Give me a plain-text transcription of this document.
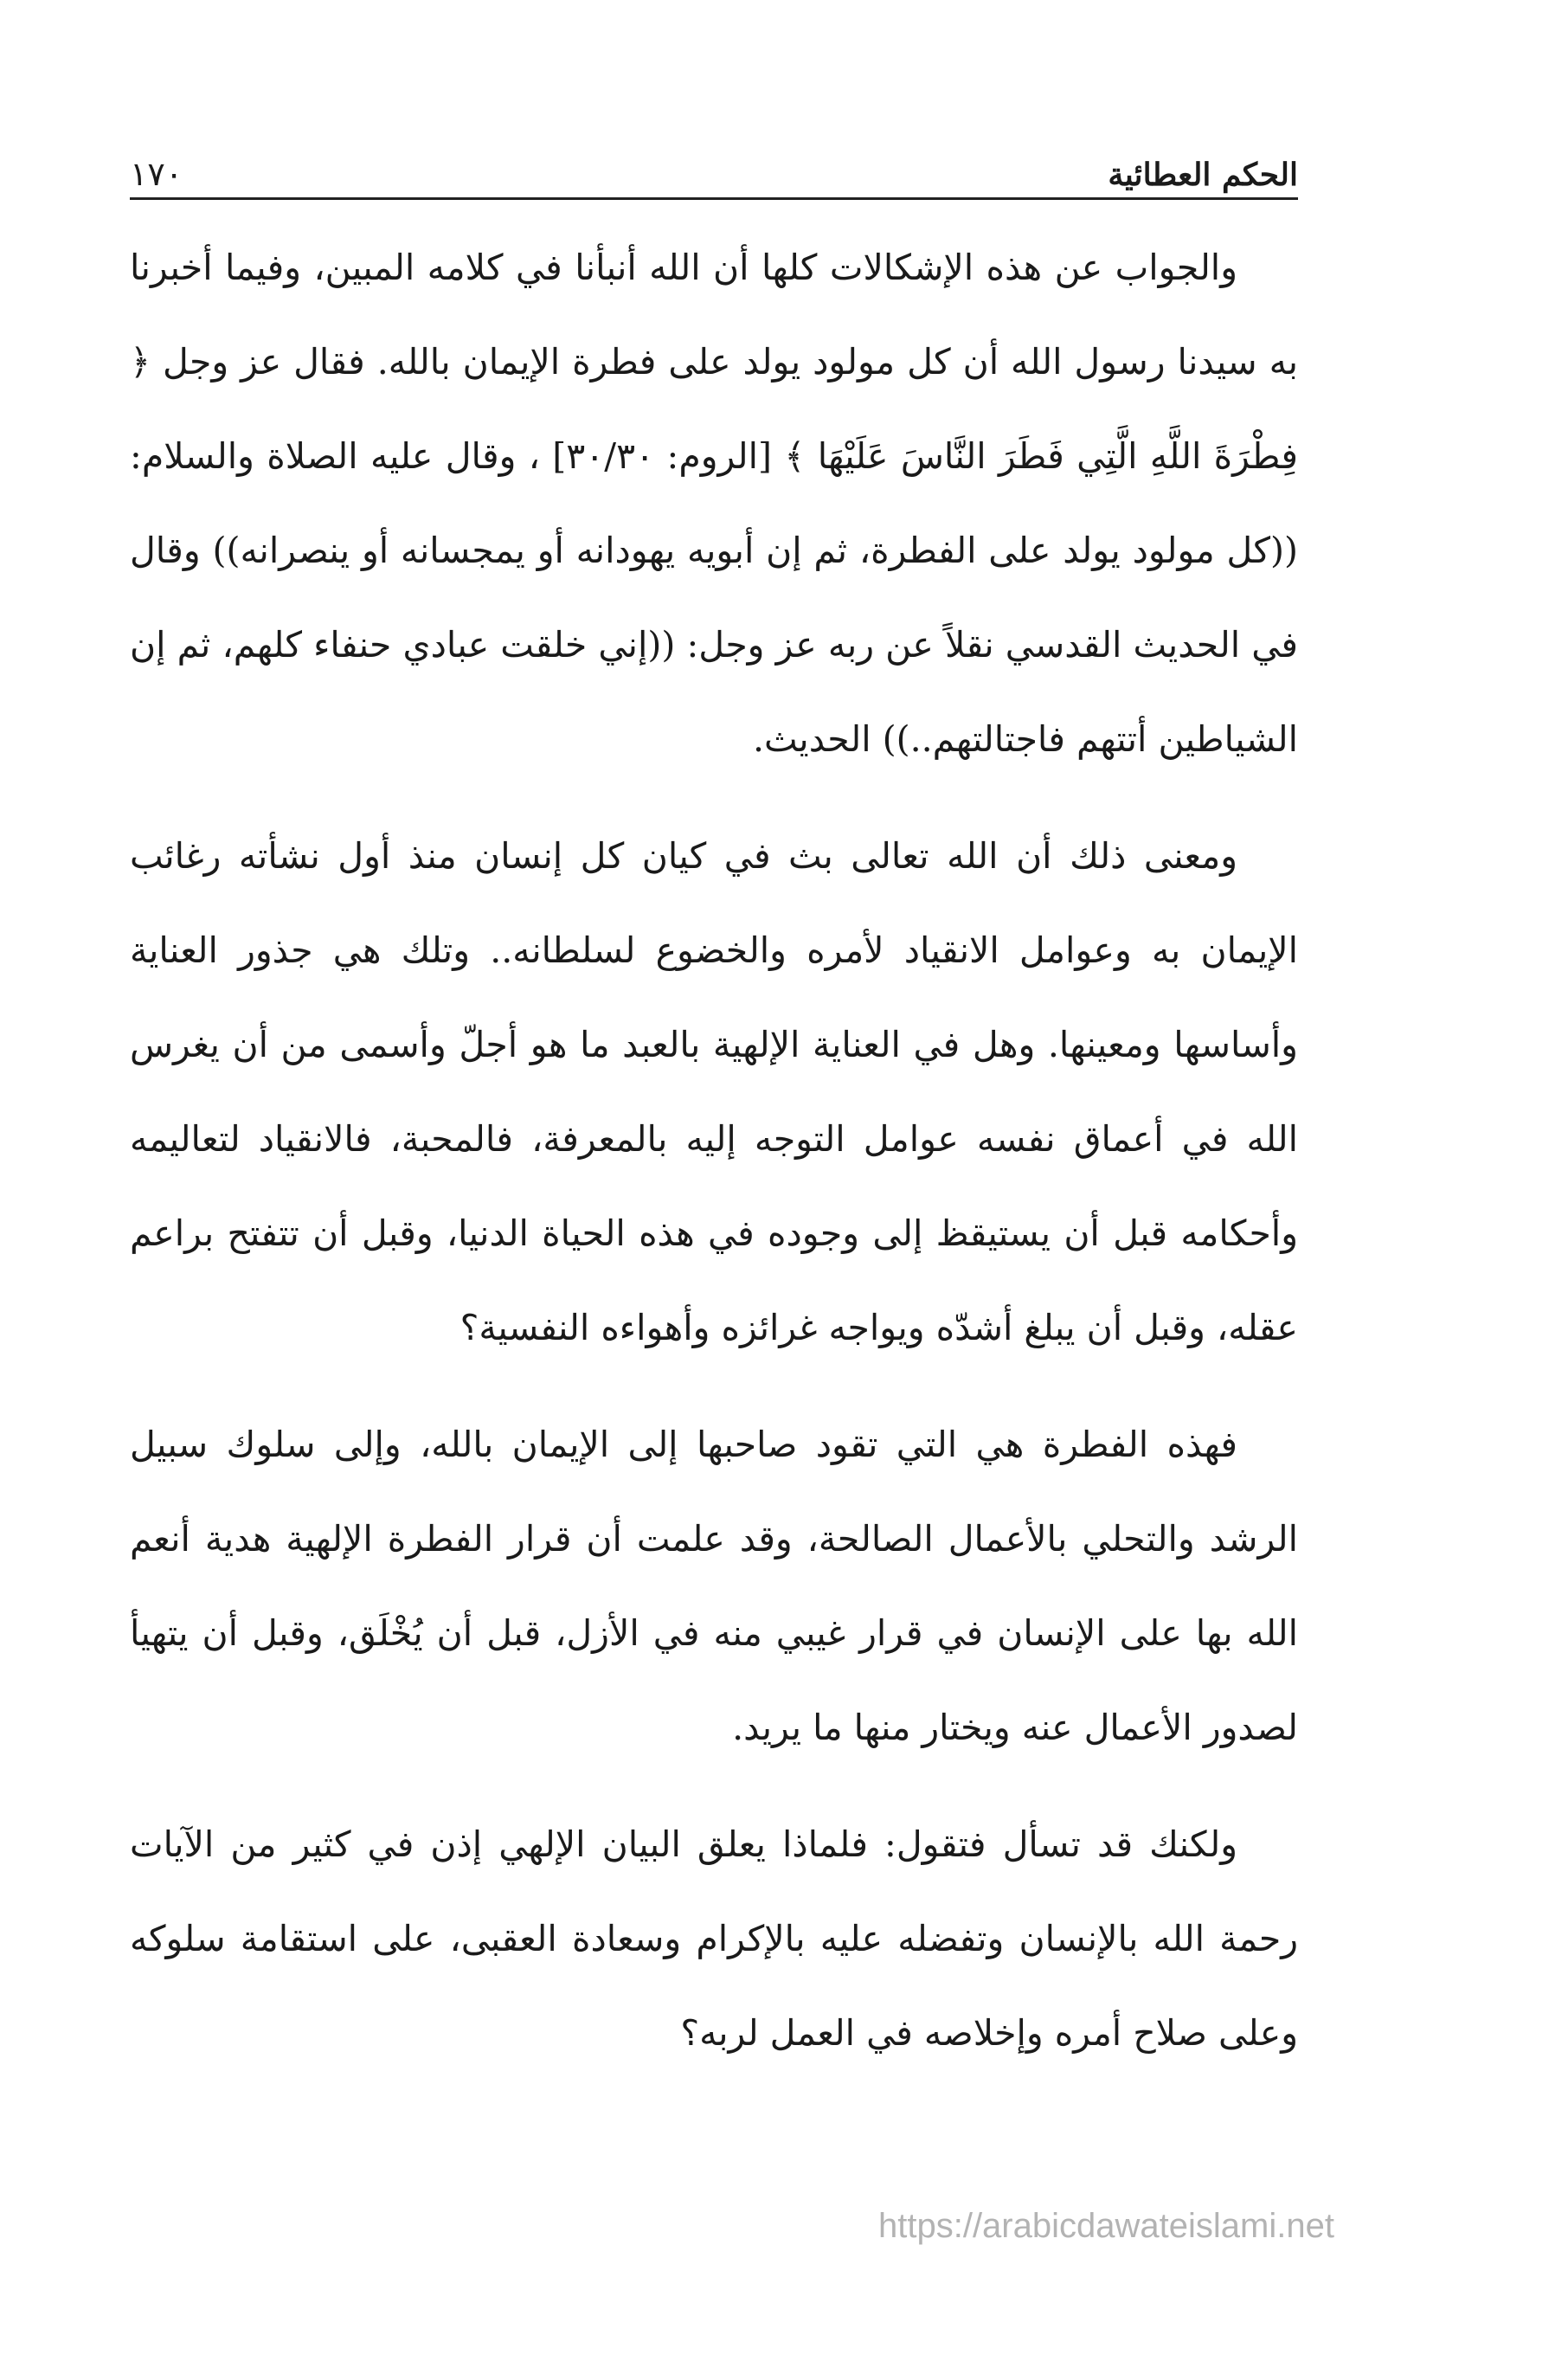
الحكم العطائية
١٧٠

والجواب عن هذه الإشكالات كلها أن الله أنبأنا في كلامه المبين، وفيما أخبرنا به سيدنا رسول الله أن كل مولود يولد على فطرة الإيمان بالله. فقال عز وجل ﴿ فِطْرَةَ اللَّهِ الَّتِي فَطَرَ النَّاسَ عَلَيْهَا ﴾ [الروم: ٣٠/٣٠] ، وقال عليه الصلاة والسلام: ((كل مولود يولد على الفطرة، ثم إن أبويه يهودانه أو يمجسانه أو ينصرانه)) وقال في الحديث القدسي نقلاً عن ربه عز وجل: ((إني خلقت عبادي حنفاء كلهم، ثم إن الشياطين أتتهم فاجتالتهم..)) الحديث.

ومعنى ذلك أن الله تعالى بث في كيان كل إنسان منذ أول نشأته رغائب الإيمان به وعوامل الانقياد لأمره والخضوع لسلطانه.. وتلك هي جذور العناية وأساسها ومعينها. وهل في العناية الإلهية بالعبد ما هو أجلّ وأسمى من أن يغرس الله في أعماق نفسه عوامل التوجه إليه بالمعرفة، فالمحبة، فالانقياد لتعاليمه وأحكامه قبل أن يستيقظ إلى وجوده في هذه الحياة الدنيا، وقبل أن تتفتح براعم عقله، وقبل أن يبلغ أشدّه ويواجه غرائزه وأهواءه النفسية؟

فهذه الفطرة هي التي تقود صاحبها إلى الإيمان بالله، وإلى سلوك سبيل الرشد والتحلي بالأعمال الصالحة، وقد علمت أن قرار الفطرة الإلهية هدية أنعم الله بها على الإنسان في قرار غيبي منه في الأزل، قبل أن يُخْلَق، وقبل أن يتهيأ لصدور الأعمال عنه ويختار منها ما يريد.

ولكنك قد تسأل فتقول: فلماذا يعلق البيان الإلهي إذن في كثير من الآيات رحمة الله بالإنسان وتفضله عليه بالإكرام وسعادة العقبى، على استقامة سلوكه وعلى صلاح أمره وإخلاصه في العمل لربه؟

https://arabicdawateislami.net
